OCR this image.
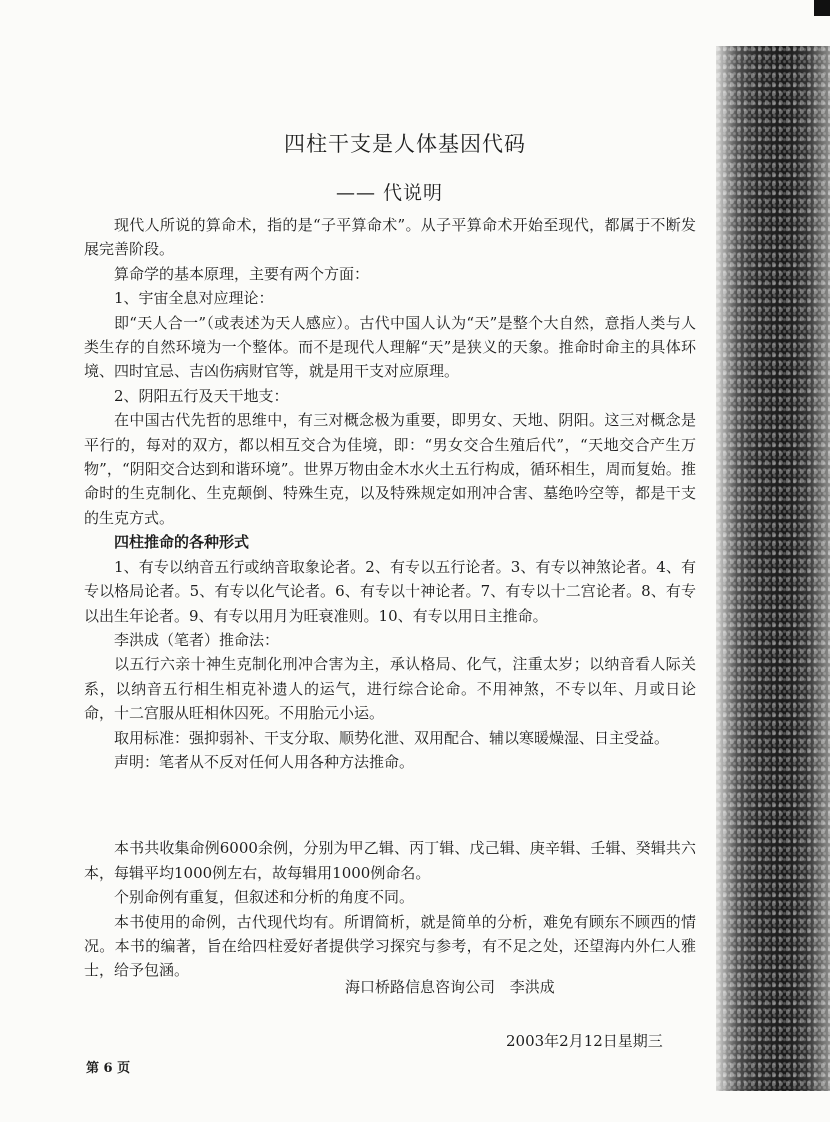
四柱干支是人体基因代码
—— 代说明

现代人所说的算命术，指的是“子平算命术”。从子平算命术开始至现代，都属于不断发展完善阶段。

算命学的基本原理，主要有两个方面：

1、宇宙全息对应理论：

即“天人合一”（或表述为天人感应）。古代中国人认为“天”是整个大自然，意指人类与人类生存的自然环境为一个整体。而不是现代人理解“天”是狭义的天象。推命时命主的具体环境、四时宜忌、吉凶伤病财官等，就是用干支对应原理。

2、阴阳五行及天干地支：

在中国古代先哲的思维中，有三对概念极为重要，即男女、天地、阴阳。这三对概念是平行的，每对的双方，都以相互交合为佳境，即：“男女交合生殖后代”，“天地交合产生万物”，“阴阳交合达到和谐环境”。世界万物由金木水火土五行构成，循环相生，周而复始。推命时的生克制化、生克颠倒、特殊生克，以及特殊规定如刑冲合害、墓绝吟空等，都是干支的生克方式。

四柱推命的各种形式

1、有专以纳音五行或纳音取象论者。2、有专以五行论者。3、有专以神煞论者。4、有专以格局论者。5、有专以化气论者。6、有专以十神论者。7、有专以十二宫论者。8、有专以出生年论者。9、有专以用月为旺衰准则。10、有专以用日主推命。

李洪成（笔者）推命法：

以五行六亲十神生克制化刑冲合害为主，承认格局、化气，注重太岁；以纳音看人际关系，以纳音五行相生相克补遗人的运气，进行综合论命。不用神煞，不专以年、月或日论命，十二宫服从旺相休囚死。不用胎元小运。

取用标准：强抑弱补、干支分取、顺势化泄、双用配合、辅以寒暖燥湿、日主受益。

声明：笔者从不反对任何人用各种方法推命。

本书共收集命例6000余例，分别为甲乙辑、丙丁辑、戊己辑、庚辛辑、壬辑、癸辑共六本，每辑平均1000例左右，故每辑用1000例命名。

个别命例有重复，但叙述和分析的角度不同。

本书使用的命例，古代现代均有。所谓简析，就是简单的分析，难免有顾东不顾西的情况。本书的编著，旨在给四柱爱好者提供学习探究与参考，有不足之处，还望海内外仁人雅士，给予包涵。

海口桥路信息咨询公司 李洪成
2003年2月12日星期三
第 6 页
